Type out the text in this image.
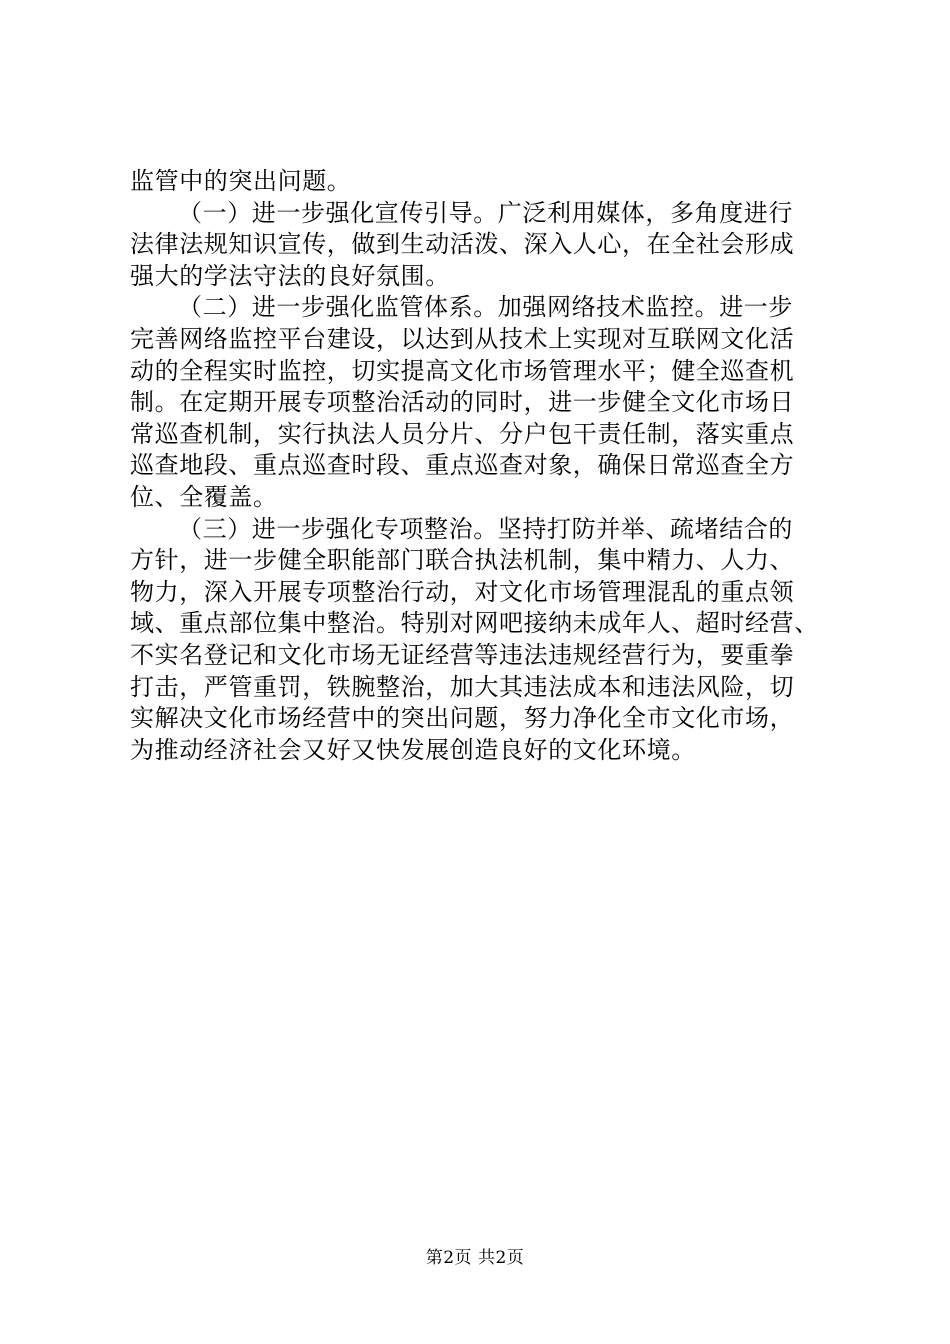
监管中的突出问题。
（一）进一步强化宣传引导。广泛利用媒体，多角度进行
法律法规知识宣传，做到生动活泼、深入人心，在全社会形成
强大的学法守法的良好氛围。
（二）进一步强化监管体系。加强网络技术监控。进一步
完善网络监控平台建设，以达到从技术上实现对互联网文化活
动的全程实时监控，切实提高文化市场管理水平；健全巡查机
制。在定期开展专项整治活动的同时，进一步健全文化市场日
常巡查机制，实行执法人员分片、分户包干责任制，落实重点
巡查地段、重点巡查时段、重点巡查对象，确保日常巡查全方
位、全覆盖。
（三）进一步强化专项整治。坚持打防并举、疏堵结合的
方针，进一步健全职能部门联合执法机制，集中精力、人力、
物力，深入开展专项整治行动，对文化市场管理混乱的重点领
域、重点部位集中整治。特别对网吧接纳未成年人、超时经营、
不实名登记和文化市场无证经营等违法违规经营行为，要重拳
打击，严管重罚，铁腕整治，加大其违法成本和违法风险，切
实解决文化市场经营中的突出问题，努力净化全市文化市场，
为推动经济社会又好又快发展创造良好的文化环境。
第2页 共2页
